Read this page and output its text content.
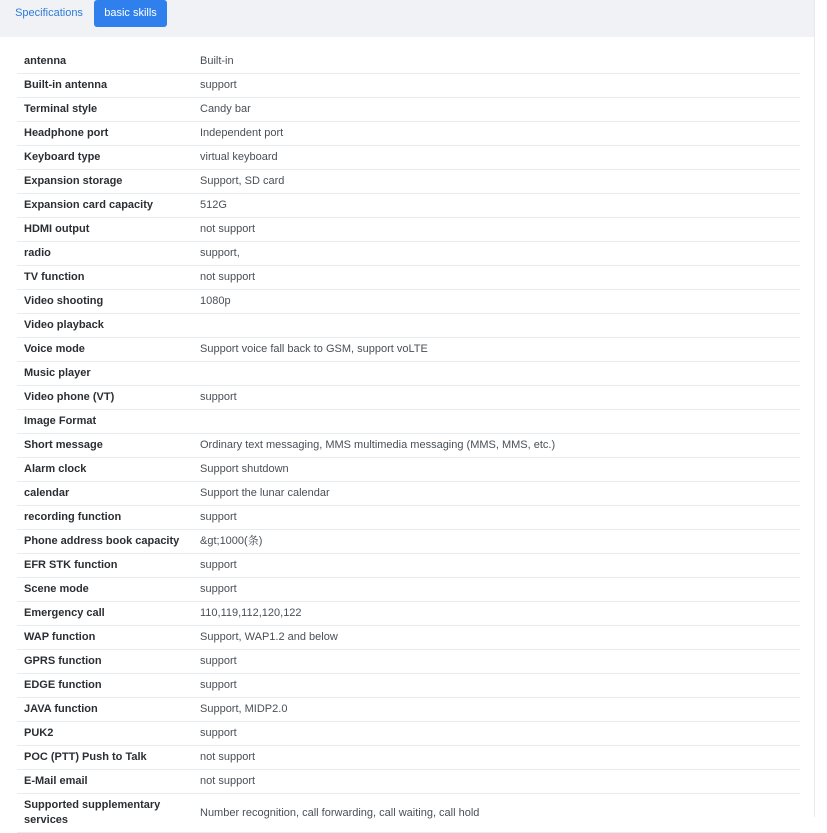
Specifications	basic skills
antenna	Built-in
Built-in antenna	support
Terminal style	Candy bar
Headphone port	Independent port
Keyboard type	virtual keyboard
Expansion storage	Support, SD card
Expansion card capacity	512G
HDMI output	not support
radio	support,
TV function	not support
Video shooting	1080p
Video playback	
Voice mode	Support voice fall back to GSM, support voLTE
Music player	
Video phone (VT)	support
Image Format	
Short message	Ordinary text messaging, MMS multimedia messaging (MMS, MMS, etc.)
Alarm clock	Support shutdown
calendar	Support the lunar calendar
recording function	support
Phone address book capacity	&gt;1000(条)
EFR STK function	support
Scene mode	support
Emergency call	110,119,112,120,122
WAP function	Support, WAP1.2 and below
GPRS function	support
EDGE function	support
JAVA function	Support, MIDP2.0
PUK2	support
POC (PTT) Push to Talk	not support
E-Mail email	not support
Supported supplementary services	Number recognition, call forwarding, call waiting, call hold
